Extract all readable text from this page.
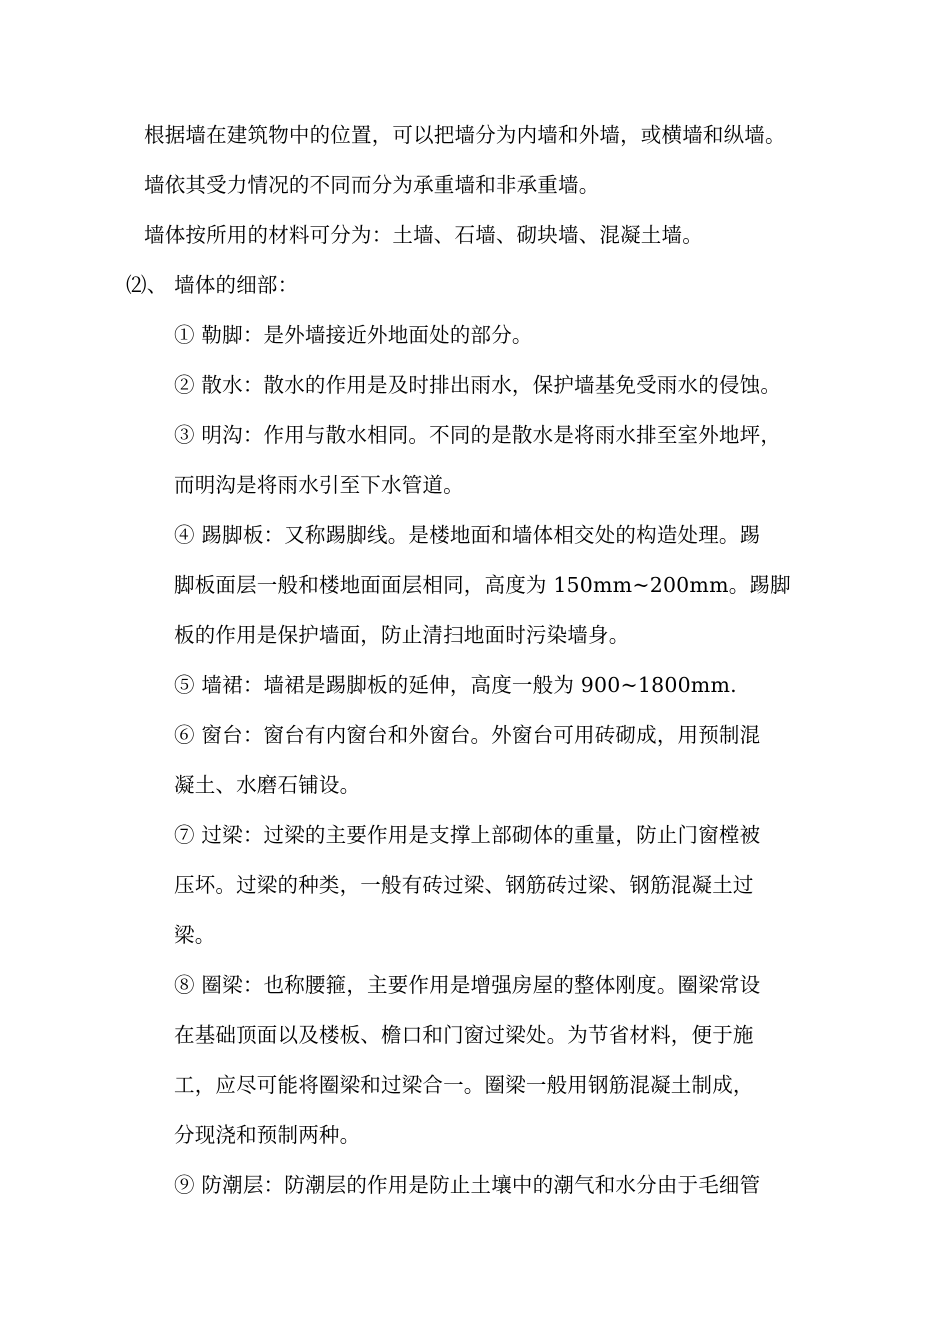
根据墙在建筑物中的位置，可以把墙分为内墙和外墙，或横墙和纵墙。
墙依其受力情况的不同而分为承重墙和非承重墙。
墙体按所用的材料可分为：土墙、石墙、砌块墙、混凝土墙。
⑵、 墙体的细部：
① 勒脚：是外墙接近外地面处的部分。
② 散水：散水的作用是及时排出雨水，保护墙基免受雨水的侵蚀。
③ 明沟：作用与散水相同。不同的是散水是将雨水排至室外地坪，
而明沟是将雨水引至下水管道。
④ 踢脚板：又称踢脚线。是楼地面和墙体相交处的构造处理。踢
脚板面层一般和楼地面面层相同，高度为 150mm~200mm。踢脚
板的作用是保护墙面，防止清扫地面时污染墙身。
⑤ 墙裙：墙裙是踢脚板的延伸，高度一般为 900~1800mm.
⑥ 窗台：窗台有内窗台和外窗台。外窗台可用砖砌成，用预制混
凝土、水磨石铺设。
⑦ 过梁：过梁的主要作用是支撑上部砌体的重量，防止门窗樘被
压坏。过梁的种类，一般有砖过梁、钢筋砖过梁、钢筋混凝土过
梁。
⑧ 圈梁：也称腰箍，主要作用是增强房屋的整体刚度。圈梁常设
在基础顶面以及楼板、檐口和门窗过梁处。为节省材料，便于施
工，应尽可能将圈梁和过梁合一。圈梁一般用钢筋混凝土制成，
分现浇和预制两种。
⑨ 防潮层：防潮层的作用是防止土壤中的潮气和水分由于毛细管
